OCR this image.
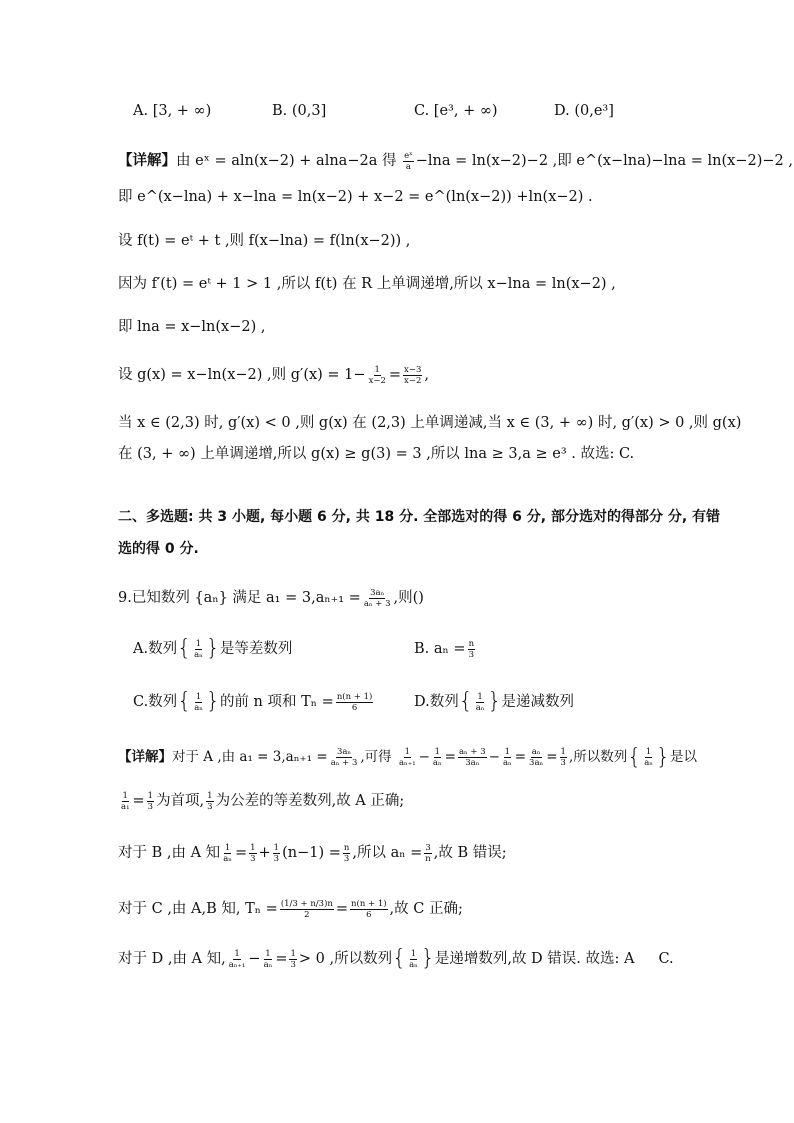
A. [3, + ∞)	B. (0,3]	C. [e³, + ∞)	D. (0,e³]
【详解】由 eˣ = aln(x−2) + alna−2a 得 $\frac{\text{eˣ}}{a} -\ln a = \ln(x-2)-2$ ,即 e^(x−lna)−lna = ln(x−2)−2 ,
即 e^(x−lna) + x−lna = ln(x−2) + x−2 = e^(ln(x−2)) +ln(x−2) .
设 f(t) = eᵗ + t ,则 f(x−lna) = f(ln(x−2)) ,
因为 f′(t) = eᵗ + 1 > 1 ,所以 f(t) 在 R 上单调递增,所以 x−lna = ln(x−2) ,
即 lna = x−ln(x−2) ,
设 g(x) = x−ln(x−2) ,则 $g'(x) = 1- \frac{1}{x-2} = \frac{x-3}{x-2}$ ,
当 x ∈ (2,3) 时, g′(x) < 0 ,则 g(x) 在 (2,3) 上单调递减,当 x ∈ (3, + ∞) 时, g′(x) > 0 ,则 g(x)
在 (3, + ∞) 上单调递增,所以 g(x) ≥ g(3) = 3 ,所以 lna ≥ 3,a ≥ e³ . 故选: C.
二、多选题: 共 3 小题, 每小题 6 分, 共 18 分. 全部选对的得 6 分, 部分选对的得部分 分, 有错
选的得 0 分.
9.已知数列 {aₙ} 满足 $a_1 = 3,a_{n+1} = \frac{\text{3aₙ}}{\text{aₙ + 3}}$ ,则()
A.数列{ $\frac{1}{\text{aₙ}}$ }是等差数列	B. $a_n = \frac{n}{3}$
C.数列{ $\frac{1}{\text{aₙ}}$ }的前 n 项和 $T_n = \frac{n(n + 1)}{6}$	D.数列{ $\frac{1}{\text{aₙ}}$ }是递减数列
【详解】对于 A ,由 $a_1 = 3,a_{n+1} = \frac{\text{3aₙ}}{\text{aₙ + 3}}$ ,可得 $\frac{1}{\text{aₙ₊₁}} - \frac{1}{\text{aₙ}} = \frac{\text{aₙ + 3}}{\text{3aₙ}} - \frac{1}{\text{aₙ}} = \frac{\text{aₙ}}{\text{3aₙ}} = \frac{1}{3}$ ,所以数列{ $\frac{1}{\text{aₙ}}$ }是以
$\frac{1}{\text{a₁}} = \frac{1}{3}$ 为首项, $\frac{1}{3}$ 为公差的等差数列,故 A 正确;
对于 B ,由 A 知 $\frac{1}{\text{aₙ}} = \frac{1}{3} + \frac{1}{3} (n-1) = \frac{n}{3}$ ,所以 $a_n = \frac{3}{n}$ ,故 B 错误;
对于 C ,由 A,B 知, $T_n = \frac{(1/3 + n/3)n}{2} = \frac{n(n + 1)}{6}$ ,故 C 正确;
对于 D ,由 A 知, $\frac{1}{\text{aₙ₊₁}} - \frac{1}{\text{aₙ}} = \frac{1}{3} > 0$ ,所以数列{ $\frac{1}{\text{aₙ}}$ }是递增数列,故 D 错误. 故选: A C.
